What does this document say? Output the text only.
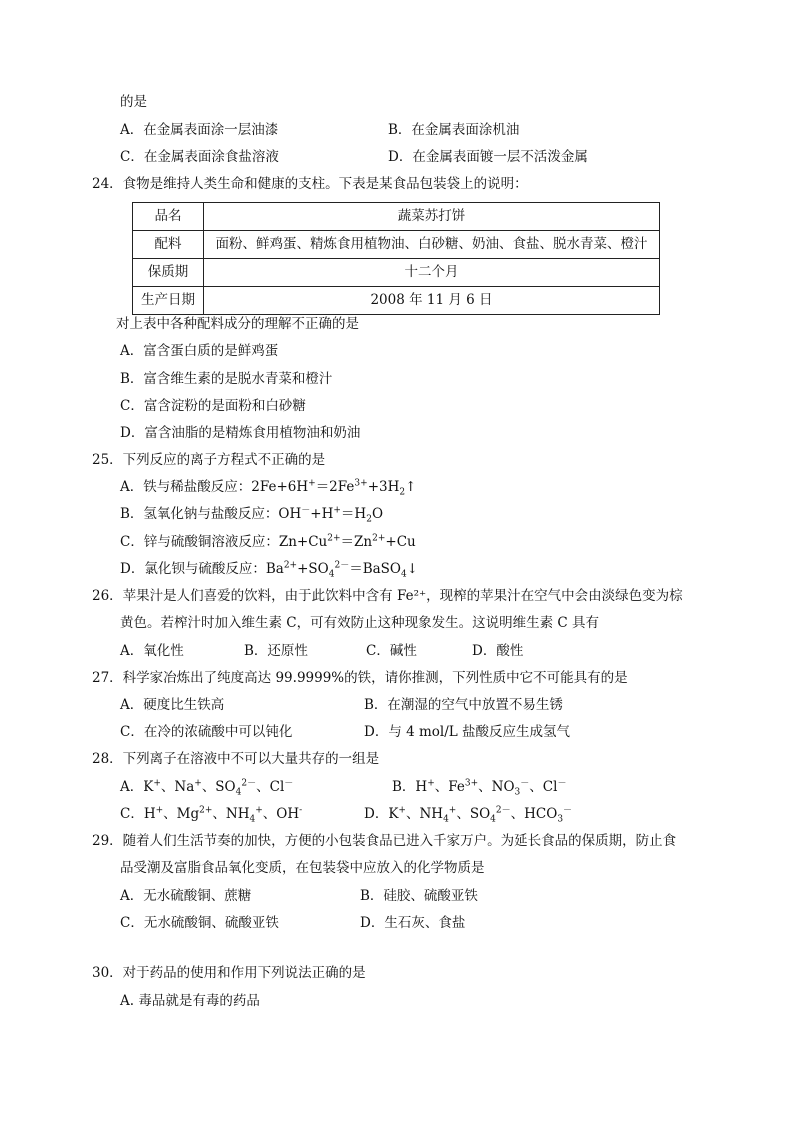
的是
A．在金属表面涂一层油漆	B．在金属表面涂机油
C．在金属表面涂食盐溶液	D．在金属表面镀一层不活泼金属
24．食物是维持人类生命和健康的支柱。下表是某食品包装袋上的说明：
品名	蔬菜苏打饼
配料	面粉、鲜鸡蛋、精炼食用植物油、白砂糖、奶油、食盐、脱水青菜、橙汁
保质期	十二个月
生产日期	2008 年 11 月 6 日
对上表中各种配料成分的理解不正确的是
A．富含蛋白质的是鲜鸡蛋
B．富含维生素的是脱水青菜和橙汁
C．富含淀粉的是面粉和白砂糖
D．富含油脂的是精炼食用植物油和奶油
25．下列反应的离子方程式不正确的是
A．铁与稀盐酸反应：$2Fe+6H^+=2Fe^{3+}+3H_2↑$
B．氢氧化钠与盐酸反应：$OH^-+H^+=H_2O$
C．锌与硫酸铜溶液反应：$Zn+Cu^{2+}=Zn^{2+}+Cu$
D．氯化钡与硫酸反应：$Ba^{2+}+SO_4^{2-}=BaSO_4↓$
26．苹果汁是人们喜爱的饮料，由于此饮料中含有 Fe²⁺，现榨的苹果汁在空气中会由淡绿色变为棕
黄色。若榨汁时加入维生素 C，可有效防止这种现象发生。这说明维生素 C 具有
A．氧化性	B．还原性	C．碱性	D．酸性
27．科学家冶炼出了纯度高达 99.9999%的铁，请你推测，下列性质中它不可能具有的是
A．硬度比生铁高	B．在潮湿的空气中放置不易生锈
C．在冷的浓硫酸中可以钝化	D．与 4 mol/L 盐酸反应生成氢气
28．下列离子在溶液中不可以大量共存的一组是
A．K+、Na+、$SO_4^{2-}$、Cl－	B．H+、$Fe^{3+}$、$NO_3^-$、Cl－
C．H+、$Mg^{2+}$、$NH_4^+$、OH-	D．K+、$NH_4^+$、$SO_4^{2-}$、$HCO_3^-$
29．随着人们生活节奏的加快，方便的小包装食品已进入千家万户。为延长食品的保质期，防止食
品受潮及富脂食品氧化变质，在包装袋中应放入的化学物质是
A．无水硫酸铜、蔗糖	B．硅胶、硫酸亚铁
C．无水硫酸铜、硫酸亚铁	D．生石灰、食盐
30．对于药品的使用和作用下列说法正确的是
A. 毒品就是有毒的药品
